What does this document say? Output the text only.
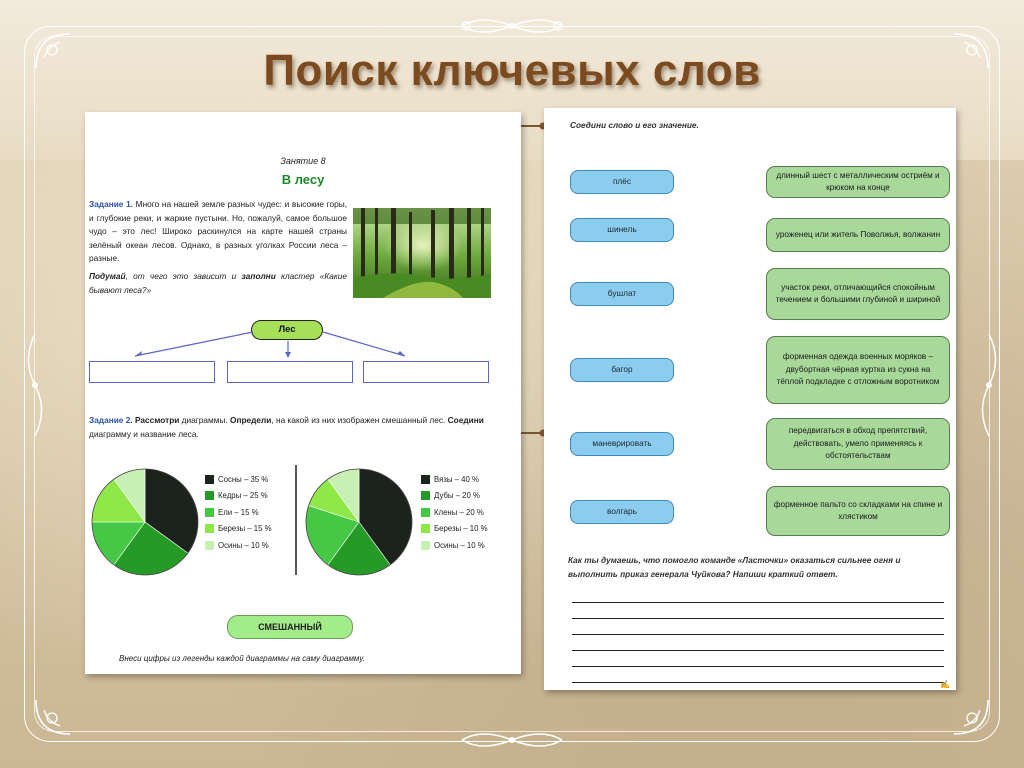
Поиск ключевых слов
Занятие 8
В лесу
Задание 1. Много на нашей земле разных чудес: и высокие горы, и глубокие реки, и жаркие пустыни. Но, пожалуй, самое большое чудо – это лес! Широко раскинулся на карте нашей страны зелёный океан лесов. Однако, в разных уголках России леса – разные.
Подумай, от чего это зависит и заполни кластер «Какие бывают леса?»
Лес
Задание 2. Рассмотри диаграммы. Определи, на какой из них изображен смешанный лес. Соедини диаграмму и название леса.
Сосны – 35 %
Кедры – 25 %
Ели – 15 %
Березы – 15 %
Осины – 10 %
Вязы – 40 %
Дубы – 20 %
Клены – 20 %
Березы – 10 %
Осины – 10 %
СМЕШАННЫЙ
Внеси цифры из легенды каждой диаграммы на саму диаграмму.
Соедини слово и его значение.
плёс
шинель
бушлат
багор
маневрировать
волгарь
длинный шест с металлическим остриём и крюком на конце
уроженец или житель Поволжья, волжанин
участок реки, отличающийся спокойным течением и большими глубиной и шириной
форменная одежда военных моряков – двубортная чёрная куртка из сукна на тёплой подкладке с отложным воротником
передвигаться в обход препятствий, действовать, умело применяясь к обстоятельствам
форменное пальто со складками на спине и хлястиком
Как ты думаешь, что помогло команде «Ласточки» оказаться сильнее огня и выполнить приказ генерала Чуйкова? Напиши краткий ответ.
✍
